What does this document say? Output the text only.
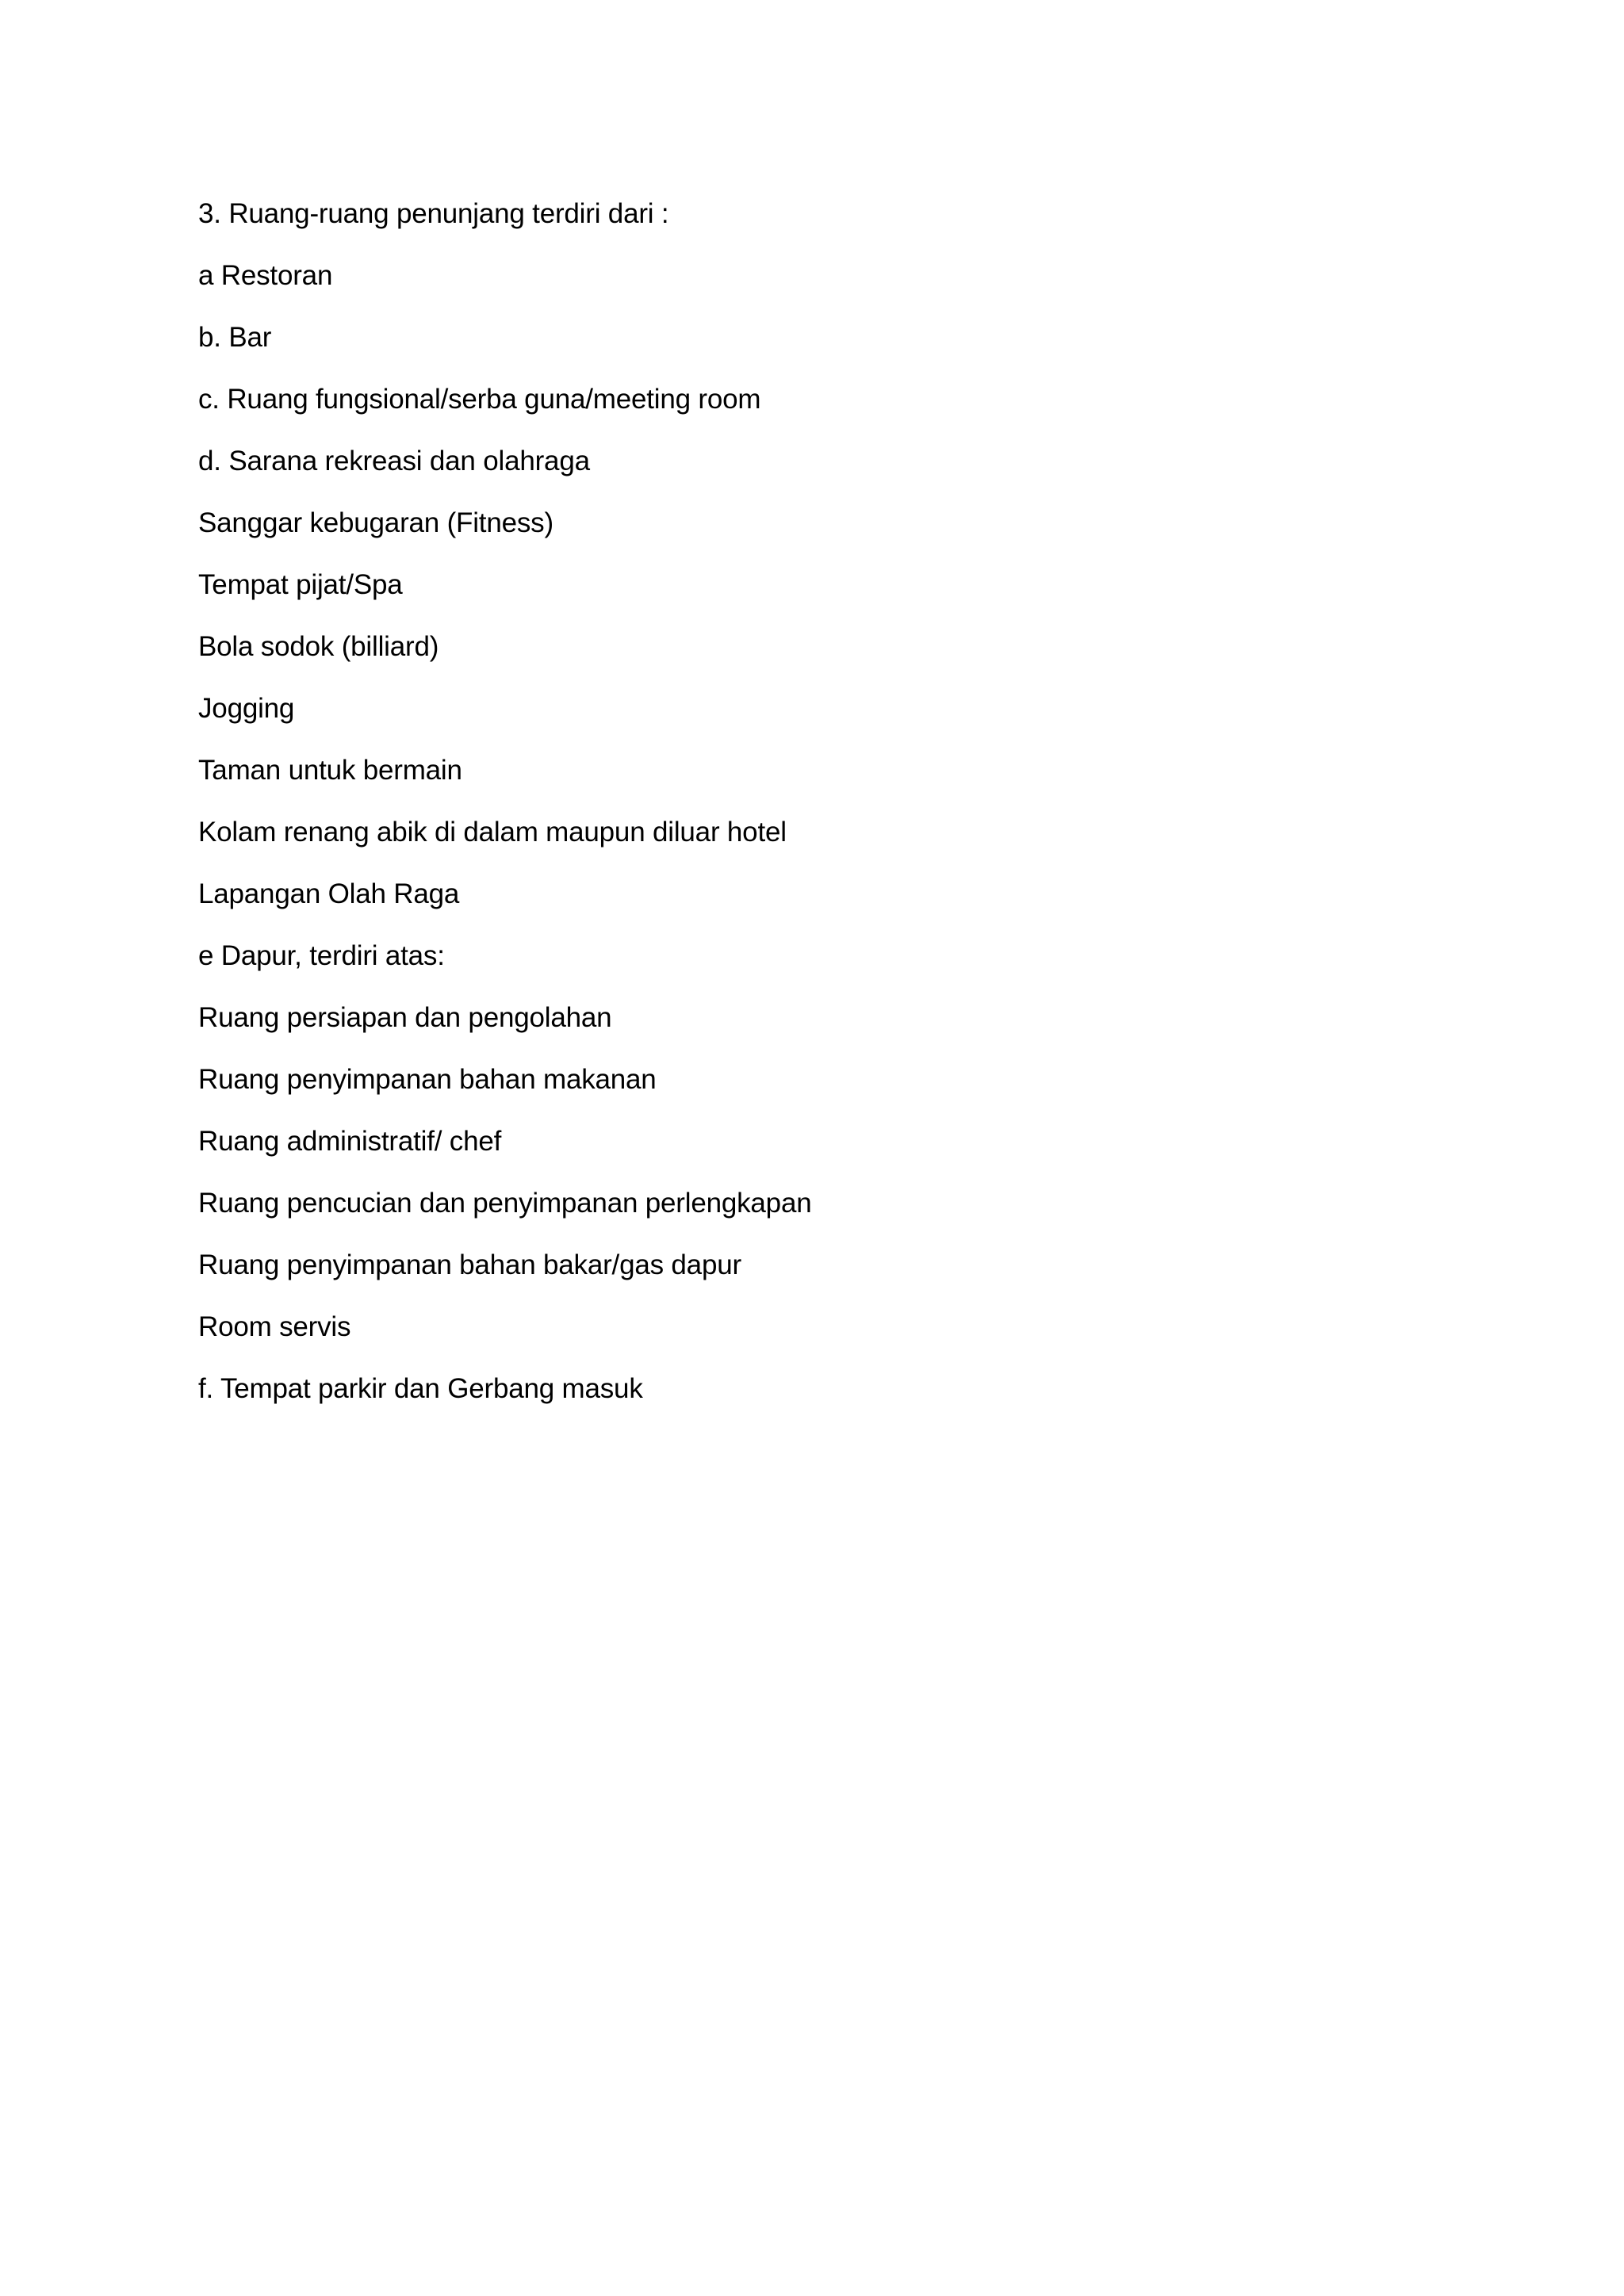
3. Ruang-ruang penunjang terdiri dari :
a Restoran
b. Bar
c. Ruang fungsional/serba guna/meeting room
d. Sarana rekreasi dan olahraga
Sanggar kebugaran (Fitness)
Tempat pijat/Spa
Bola sodok (billiard)
Jogging
Taman untuk bermain
Kolam renang abik di dalam maupun diluar hotel
Lapangan Olah Raga
e Dapur, terdiri atas:
Ruang persiapan dan pengolahan
Ruang penyimpanan bahan makanan
Ruang administratif/ chef
Ruang pencucian dan penyimpanan perlengkapan
Ruang penyimpanan bahan bakar/gas dapur
Room servis
f. Tempat parkir dan Gerbang masuk
